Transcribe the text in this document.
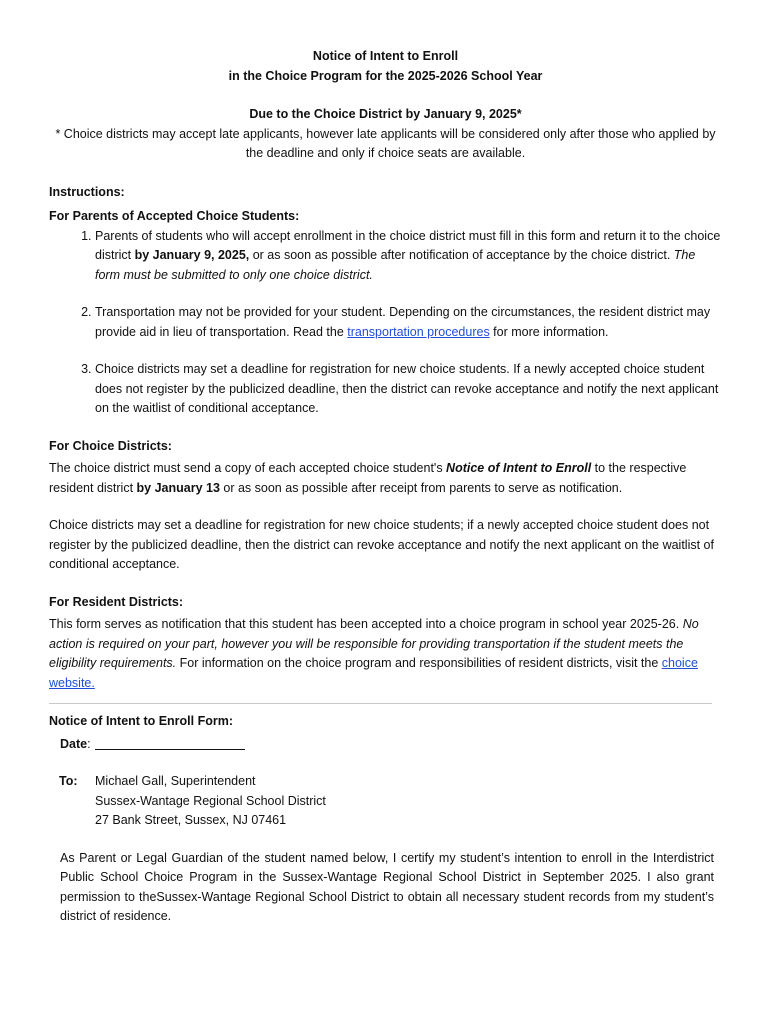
Notice of Intent to Enroll

in the Choice Program for the 2025-2026 School Year

Due to the Choice District by January 9, 2025*

* Choice districts may accept late applicants, however late applicants will be considered only after those who applied by the deadline and only if choice seats are available.

Instructions:

For Parents of Accepted Choice Students:

1. Parents of students who will accept enrollment in the choice district must fill in this form and return it to the choice district by January 9, 2025, or as soon as possible after notification of acceptance by the choice district. The form must be submitted to only one choice district.
2. Transportation may not be provided for your student. Depending on the circumstances, the resident district may provide aid in lieu of transportation. Read the transportation procedures for more information.
3. Choice districts may set a deadline for registration for new choice students. If a newly accepted choice student does not register by the publicized deadline, then the district can revoke acceptance and notify the next applicant on the waitlist of conditional acceptance.

For Choice Districts:

The choice district must send a copy of each accepted choice student's Notice of Intent to Enroll to the respective resident district by January 13 or as soon as possible after receipt from parents to serve as notification.

Choice districts may set a deadline for registration for new choice students; if a newly accepted choice student does not register by the publicized deadline, then the district can revoke acceptance and notify the next applicant on the waitlist of conditional acceptance.

For Resident Districts:

This form serves as notification that this student has been accepted into a choice program in school year 2025-26. No action is required on your part, however you will be responsible for providing transportation if the student meets the eligibility requirements. For information on the choice program and responsibilities of resident districts, visit the choice website.

Notice of Intent to Enroll Form:

Date:

To:	Michael Gall, Superintendent

Sussex-Wantage Regional School District

27 Bank Street, Sussex, NJ 07461

As Parent or Legal Guardian of the student named below, I certify my student’s intention to enroll in the Interdistrict Public School Choice Program in the Sussex-Wantage Regional School District in September 2025. I also grant permission to theSussex-Wantage Regional School District to obtain all necessary student records from my student’s district of residence.
